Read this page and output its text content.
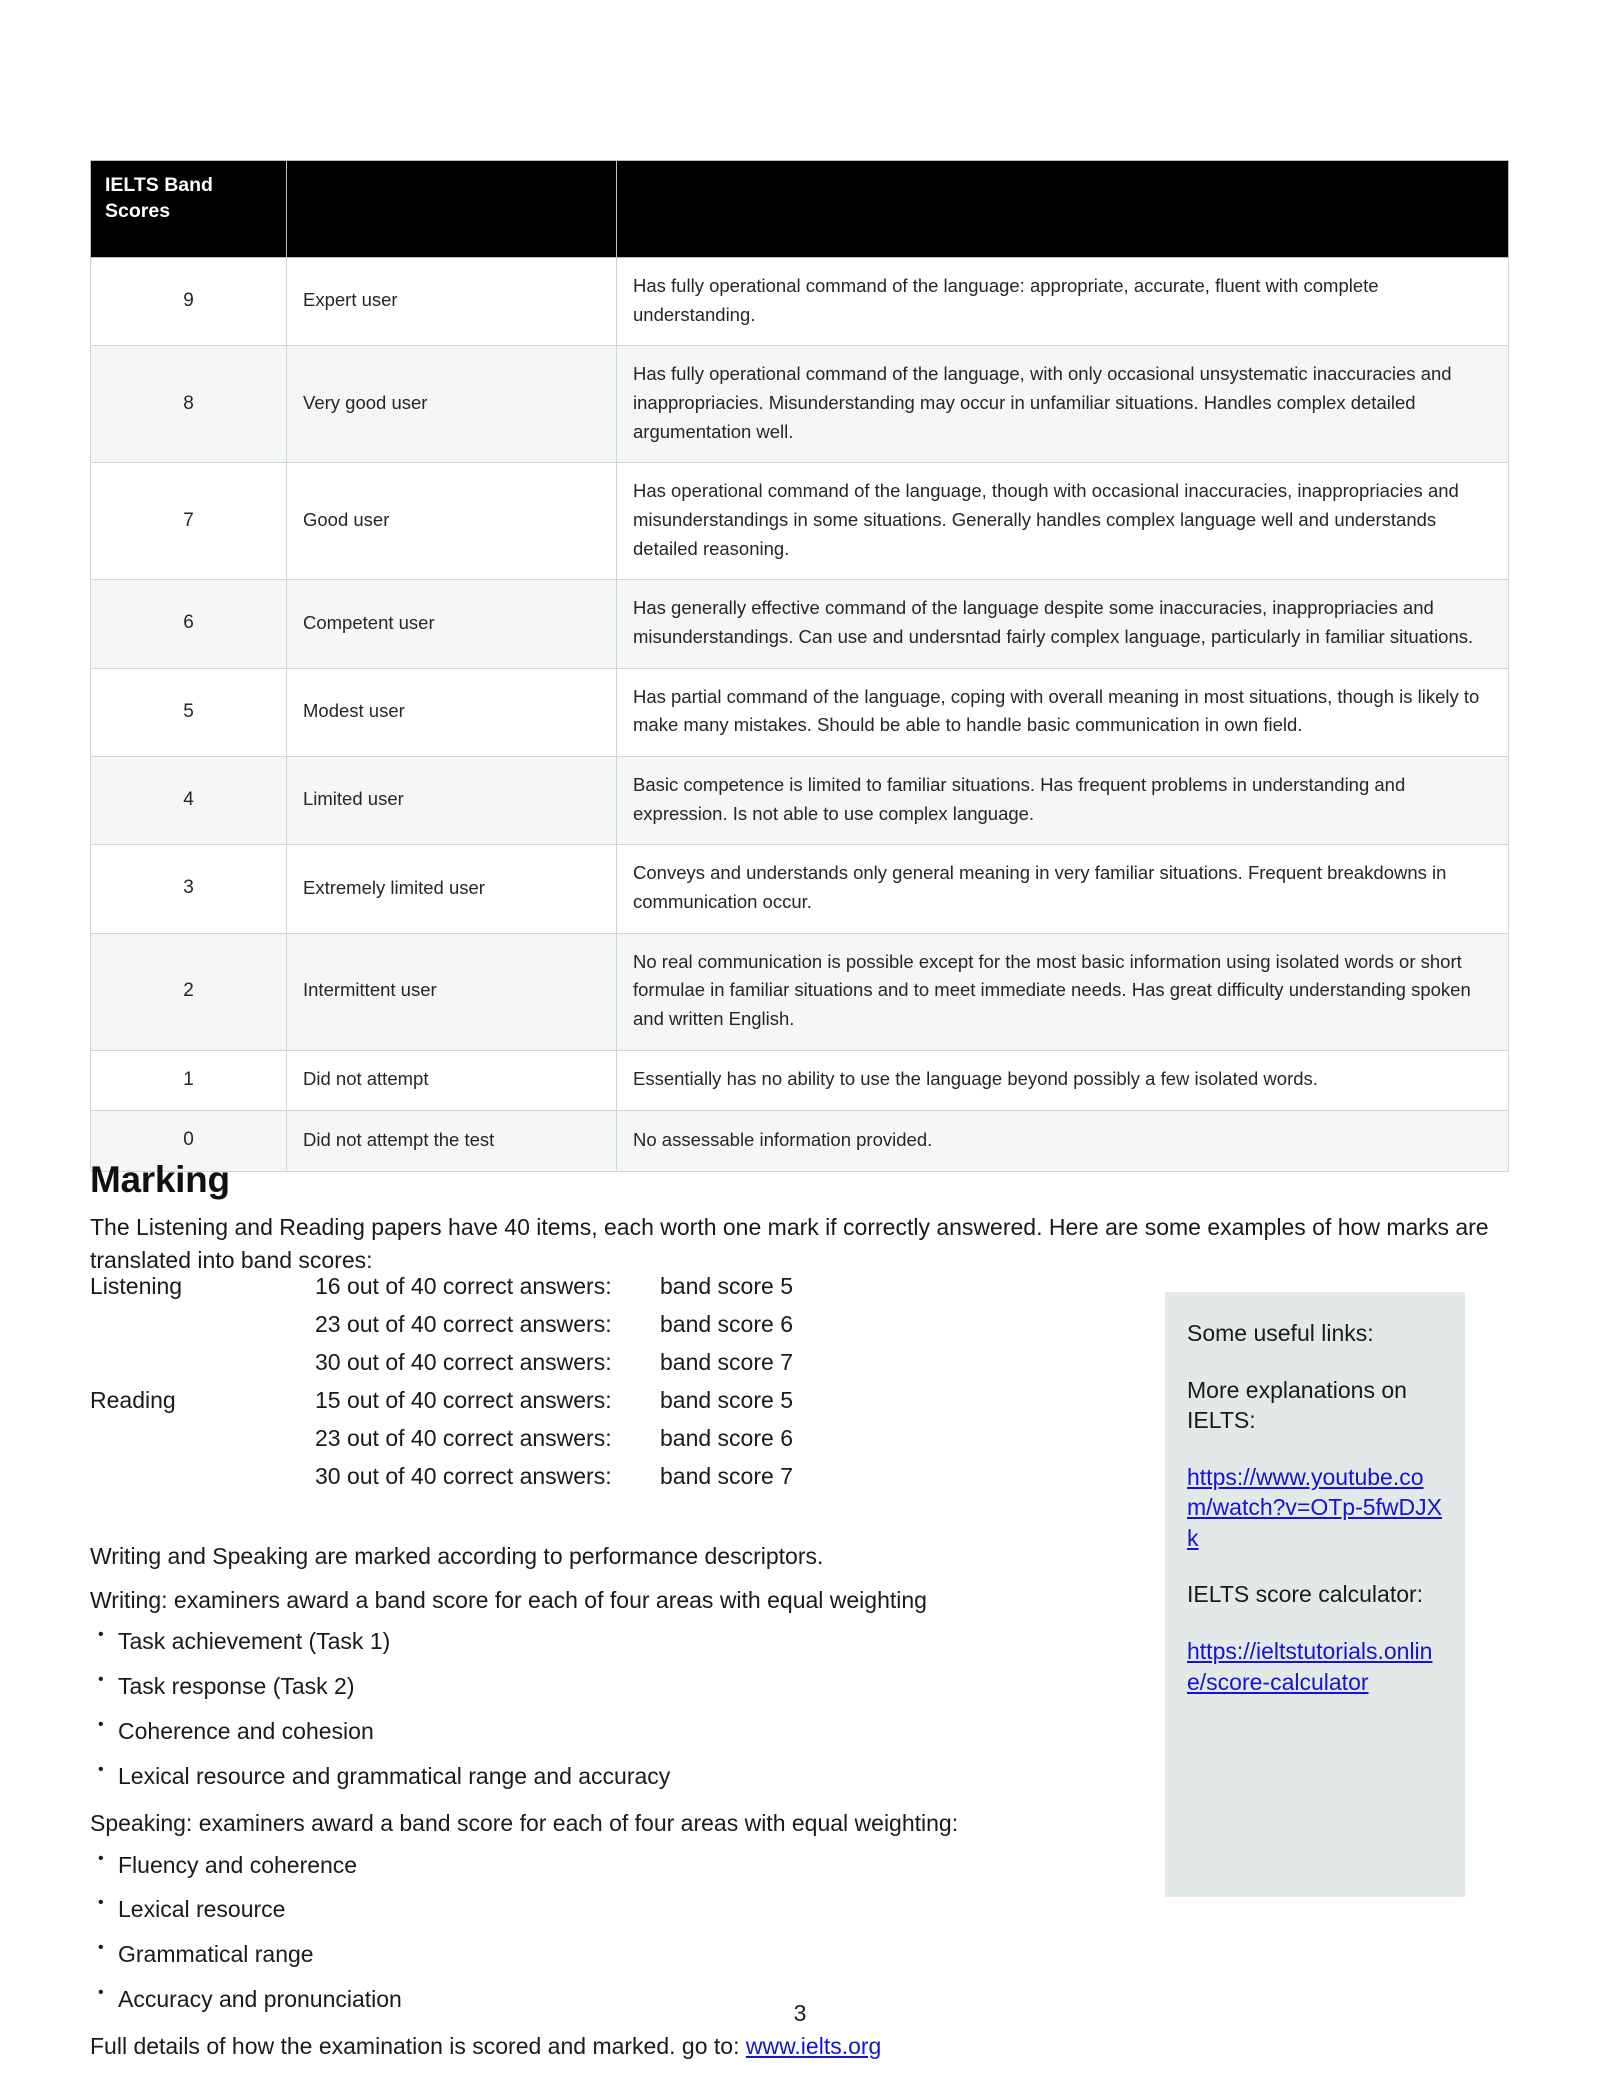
IELTS Band Scores		
9	Expert user	Has fully operational command of the language: appropriate, accurate, fluent with complete understanding.
8	Very good user	Has fully operational command of the language, with only occasional unsystematic inaccuracies and inappropriacies. Misunderstanding may occur in unfamiliar situations. Handles complex detailed argumentation well.
7	Good user	Has operational command of the language, though with occasional inaccuracies, inappropriacies and misunderstandings in some situations. Generally handles complex language well and understands detailed reasoning.
6	Competent user	Has generally effective command of the language despite some inaccuracies, inappropriacies and misunderstandings. Can use and undersntad fairly complex language, particularly in familiar situations.
5	Modest user	Has partial command of the language, coping with overall meaning in most situations, though is likely to make many mistakes. Should be able to handle basic communication in own field.
4	Limited user	Basic competence is limited to familiar situations. Has frequent problems in understanding and expression. Is not able to use complex language.
3	Extremely limited user	Conveys and understands only general meaning in very familiar situations. Frequent breakdowns in communication occur.
2	Intermittent user	No real communication is possible except for the most basic information using isolated words or short formulae in familiar situations and to meet immediate needs. Has great difficulty understanding spoken and written English.
1	Did not attempt	Essentially has no ability to use the language beyond possibly a few isolated words.
0	Did not attempt the test	No assessable information provided.
Marking

The Listening and Reading papers have 40 items, each worth one mark if correctly answered. Here are some examples of how marks are translated into band scores:

Listening	16 out of 40 correct answers:	band score 5
23 out of 40 correct answers:	band score 6
30 out of 40 correct answers:	band score 7
Reading	15 out of 40 correct answers:	band score 5
23 out of 40 correct answers:	band score 6
30 out of 40 correct answers:	band score 7

Writing and Speaking are marked according to performance descriptors.

Writing: examiners award a band score for each of four areas with equal weighting

• Task achievement (Task 1)
• Task response (Task 2)
• Coherence and cohesion
• Lexical resource and grammatical range and accuracy

Speaking: examiners award a band score for each of four areas with equal weighting:

• Fluency and coherence
• Lexical resource
• Grammatical range
• Accuracy and pronunciation

Full details of how the examination is scored and marked. go to: www.ielts.org

Some useful links:
More explanations on IELTS:
https://www.youtube.com/watch?v=OTp-5fwDJXk
IELTS score calculator:
https://ieltstutorials.online/score-calculator
3
